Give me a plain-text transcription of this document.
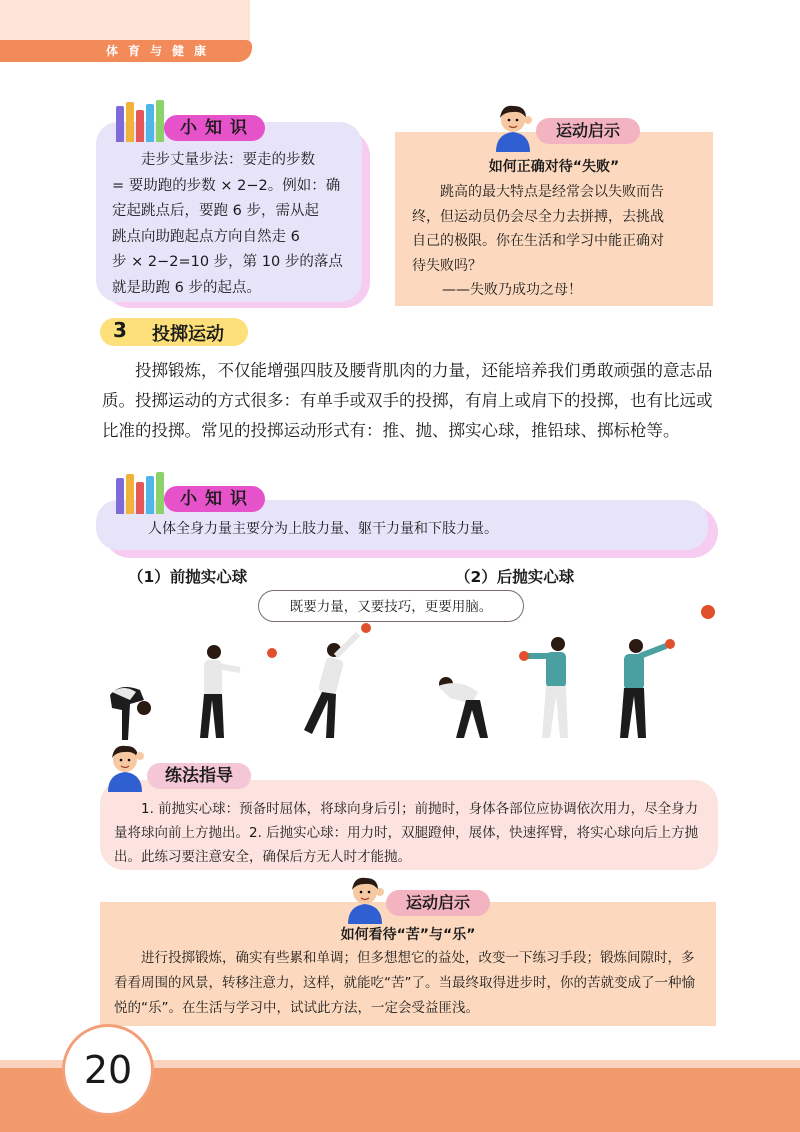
体育与健康
小知识
走步丈量步法：要走的步数
= 要助跑的步数 × 2−2。例如：确
定起跳点后，要跑 6 步，需从起
跳点向助跑起点方向自然走 6
步 × 2−2=10 步，第 10 步的落点
就是助跑 6 步的起点。
运动启示
如何正确对待“失败”
跳高的最大特点是经常会以失败而告
终，但运动员仍会尽全力去拼搏，去挑战
自己的极限。你在生活和学习中能正确对
待失败吗？
——失败乃成功之母！
3 投掷运动
投掷锻炼，不仅能增强四肢及腰背肌肉的力量，还能培养我们勇敢顽强的意志品质。投掷运动的方式很多：有单手或双手的投掷，有肩上或肩下的投掷，也有比远或比准的投掷。常见的投掷运动形式有：推、抛、掷实心球，推铅球、掷标枪等。
小知识
人体全身力量主要分为上肢力量、躯干力量和下肢力量。
（1）前抛实心球	（2）后抛实心球
既要力量，又要技巧，更要用脑。
练法指导
1. 前抛实心球：预备时屈体，将球向身后引；前抛时，身体各部位应协调依次用力，尽全身力量将球向前上方抛出。2. 后抛实心球：用力时，双腿蹬伸，展体，快速挥臂，将实心球向后上方抛出。此练习要注意安全，确保后方无人时才能抛。
运动启示
如何看待“苦”与“乐”
进行投掷锻炼，确实有些累和单调；但多想想它的益处，改变一下练习手段；锻炼间隙时，多看看周围的风景，转移注意力，这样，就能吃“苦”了。当最终取得进步时，你的苦就变成了一种愉悦的“乐”。在生活与学习中，试试此方法，一定会受益匪浅。
20
